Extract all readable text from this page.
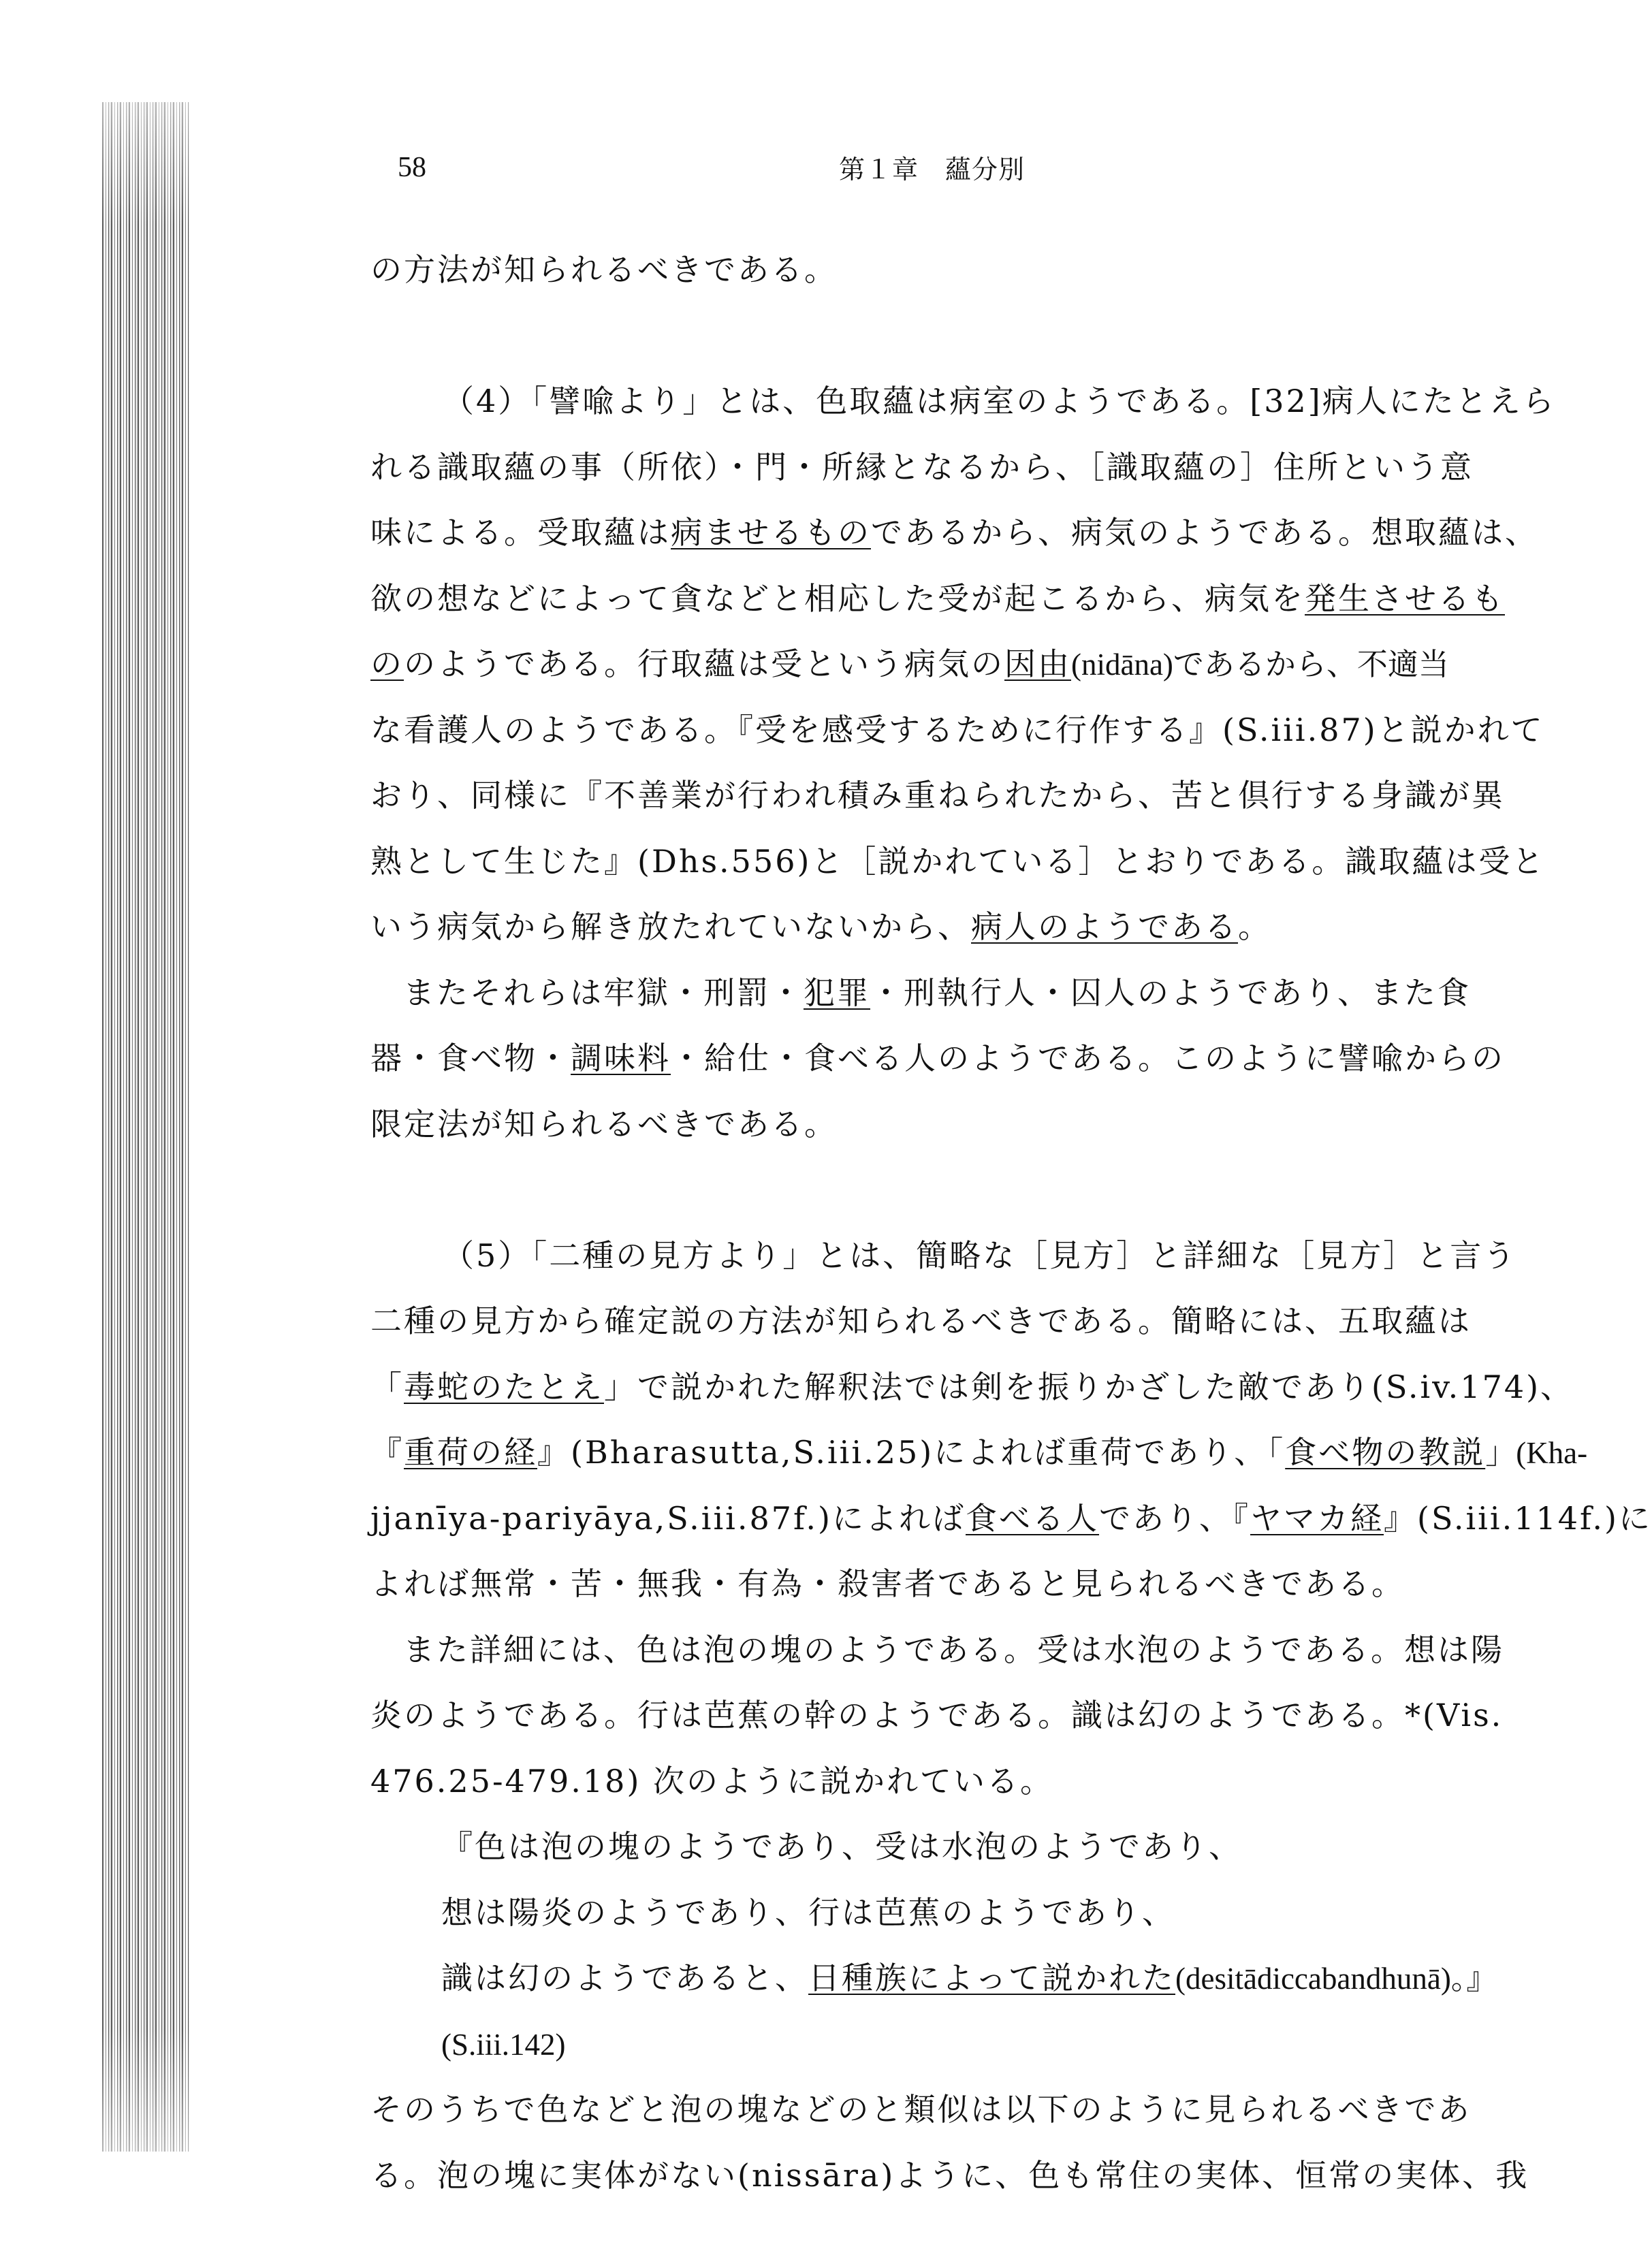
58	第１章　蘊分別
の方法が知られるべきである。
（4）「譬喩より」とは、色取蘊は病室のようである。[32]病人にたとえら
れる識取蘊の事（所依）・門・所縁となるから、［識取蘊の］住所という意
味による。受取蘊は病ませるものであるから、病気のようである。想取蘊は、
欲の想などによって貪などと相応した受が起こるから、病気を発生させるも
ののようである。行取蘊は受という病気の因由(nidāna)であるから、不適当
な看護人のようである。『受を感受するために行作する』(S.iii.87)と説かれて
おり、同様に『不善業が行われ積み重ねられたから、苦と倶行する身識が異
熟として生じた』(Dhs.556)と［説かれている］とおりである。識取蘊は受と
いう病気から解き放たれていないから、病人のようである。
またそれらは牢獄・刑罰・犯罪・刑執行人・囚人のようであり、また食
器・食べ物・調味料・給仕・食べる人のようである。このように譬喩からの
限定法が知られるべきである。
（5）「二種の見方より」とは、簡略な［見方］と詳細な［見方］と言う
二種の見方から確定説の方法が知られるべきである。簡略には、五取蘊は
「毒蛇のたとえ」で説かれた解釈法では剣を振りかざした敵であり(S.iv.174)、
『重荷の経』(Bharasutta,S.iii.25)によれば重荷であり、「食べ物の教説」(Kha-
jjanīya-pariyāya,S.iii.87f.)によれば食べる人であり、『ヤマカ経』(S.iii.114f.)に
よれば無常・苦・無我・有為・殺害者であると見られるべきである。
また詳細には、色は泡の塊のようである。受は水泡のようである。想は陽
炎のようである。行は芭蕉の幹のようである。識は幻のようである。*(Vis.
476.25-479.18) 次のように説かれている。
『色は泡の塊のようであり、受は水泡のようであり、
想は陽炎のようであり、行は芭蕉のようであり、
識は幻のようであると、日種族によって説かれた(desitādiccabandhunā)。』
(S.iii.142)
そのうちで色などと泡の塊などのと類似は以下のように見られるべきであ
る。泡の塊に実体がない(nissāra)ように、色も常住の実体、恒常の実体、我
